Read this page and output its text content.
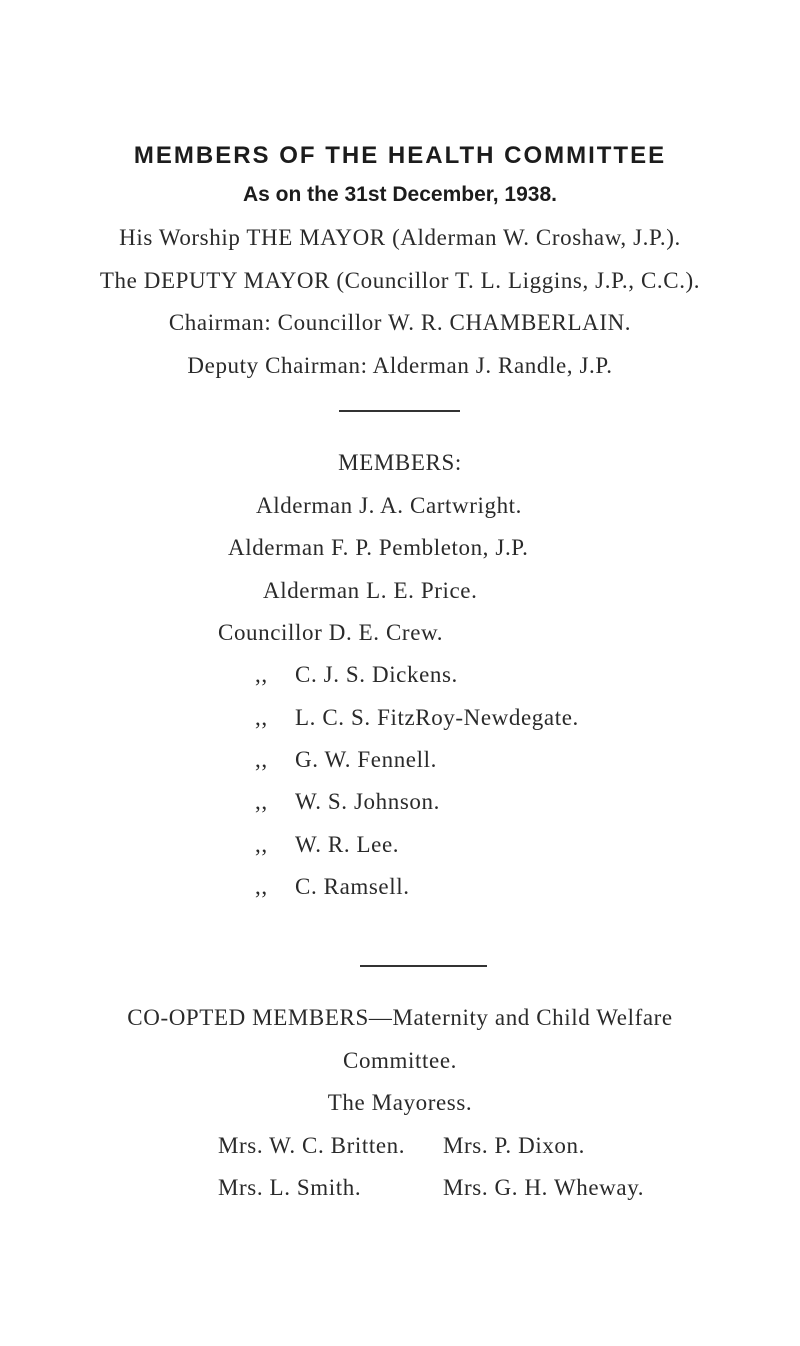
MEMBERS OF THE HEALTH COMMITTEE
As on the 31st December, 1938.
His Worship THE MAYOR (Alderman W. Croshaw, J.P.).
The DEPUTY MAYOR (Councillor T. L. Liggins, J.P., C.C.).
Chairman: Councillor W. R. CHAMBERLAIN.
Deputy Chairman: Alderman J. Randle, J.P.
MEMBERS:
Alderman J. A. Cartwright.
Alderman F. P. Pembleton, J.P.
Alderman L. E. Price.
Councillor D. E. Crew.
,, C. J. S. Dickens.
,, L. C. S. FitzRoy-Newdegate.
,, G. W. Fennell.
,, W. S. Johnson.
,, W. R. Lee.
,, C. Ramsell.
CO-OPTED MEMBERS—Maternity and Child Welfare
Committee.
The Mayoress.
Mrs. W. C. Britten. Mrs. P. Dixon.
Mrs. L. Smith.	Mrs. G. H. Wheway.
